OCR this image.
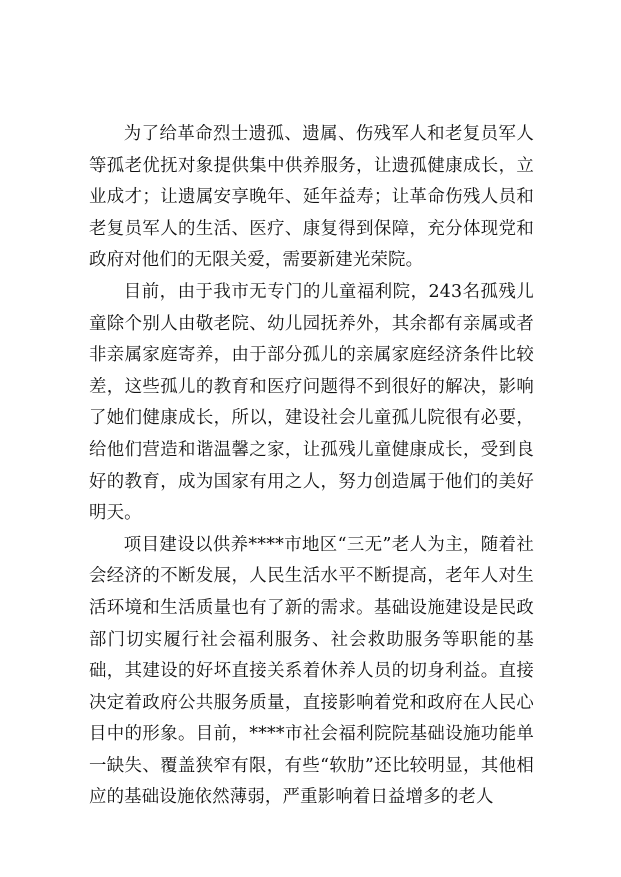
为了给革命烈士遗孤、遗属、伤残军人和老复员军人等孤老优抚对象提供集中供养服务，让遗孤健康成长，立业成才；让遗属安享晚年、延年益寿；让革命伤残人员和老复员军人的生活、医疗、康复得到保障，充分体现党和政府对他们的无限关爱，需要新建光荣院。

目前，由于我市无专门的儿童福利院，243名孤残儿童除个别人由敬老院、幼儿园抚养外，其余都有亲属或者非亲属家庭寄养，由于部分孤儿的亲属家庭经济条件比较差，这些孤儿的教育和医疗问题得不到很好的解决，影响了她们健康成长，所以，建设社会儿童孤儿院很有必要，给他们营造和谐温馨之家，让孤残儿童健康成长，受到良好的教育，成为国家有用之人，努力创造属于他们的美好明天。

项目建设以供养****市地区“三无”老人为主，随着社会经济的不断发展，人民生活水平不断提高，老年人对生活环境和生活质量也有了新的需求。基础设施建设是民政部门切实履行社会福利服务、社会救助服务等职能的基础，其建设的好坏直接关系着休养人员的切身利益。直接决定着政府公共服务质量，直接影响着党和政府在人民心目中的形象。目前，****市社会福利院院基础设施功能单一缺失、覆盖狭窄有限，有些“软肋”还比较明显，其他相应的基础设施依然薄弱，严重影响着日益增多的老人
